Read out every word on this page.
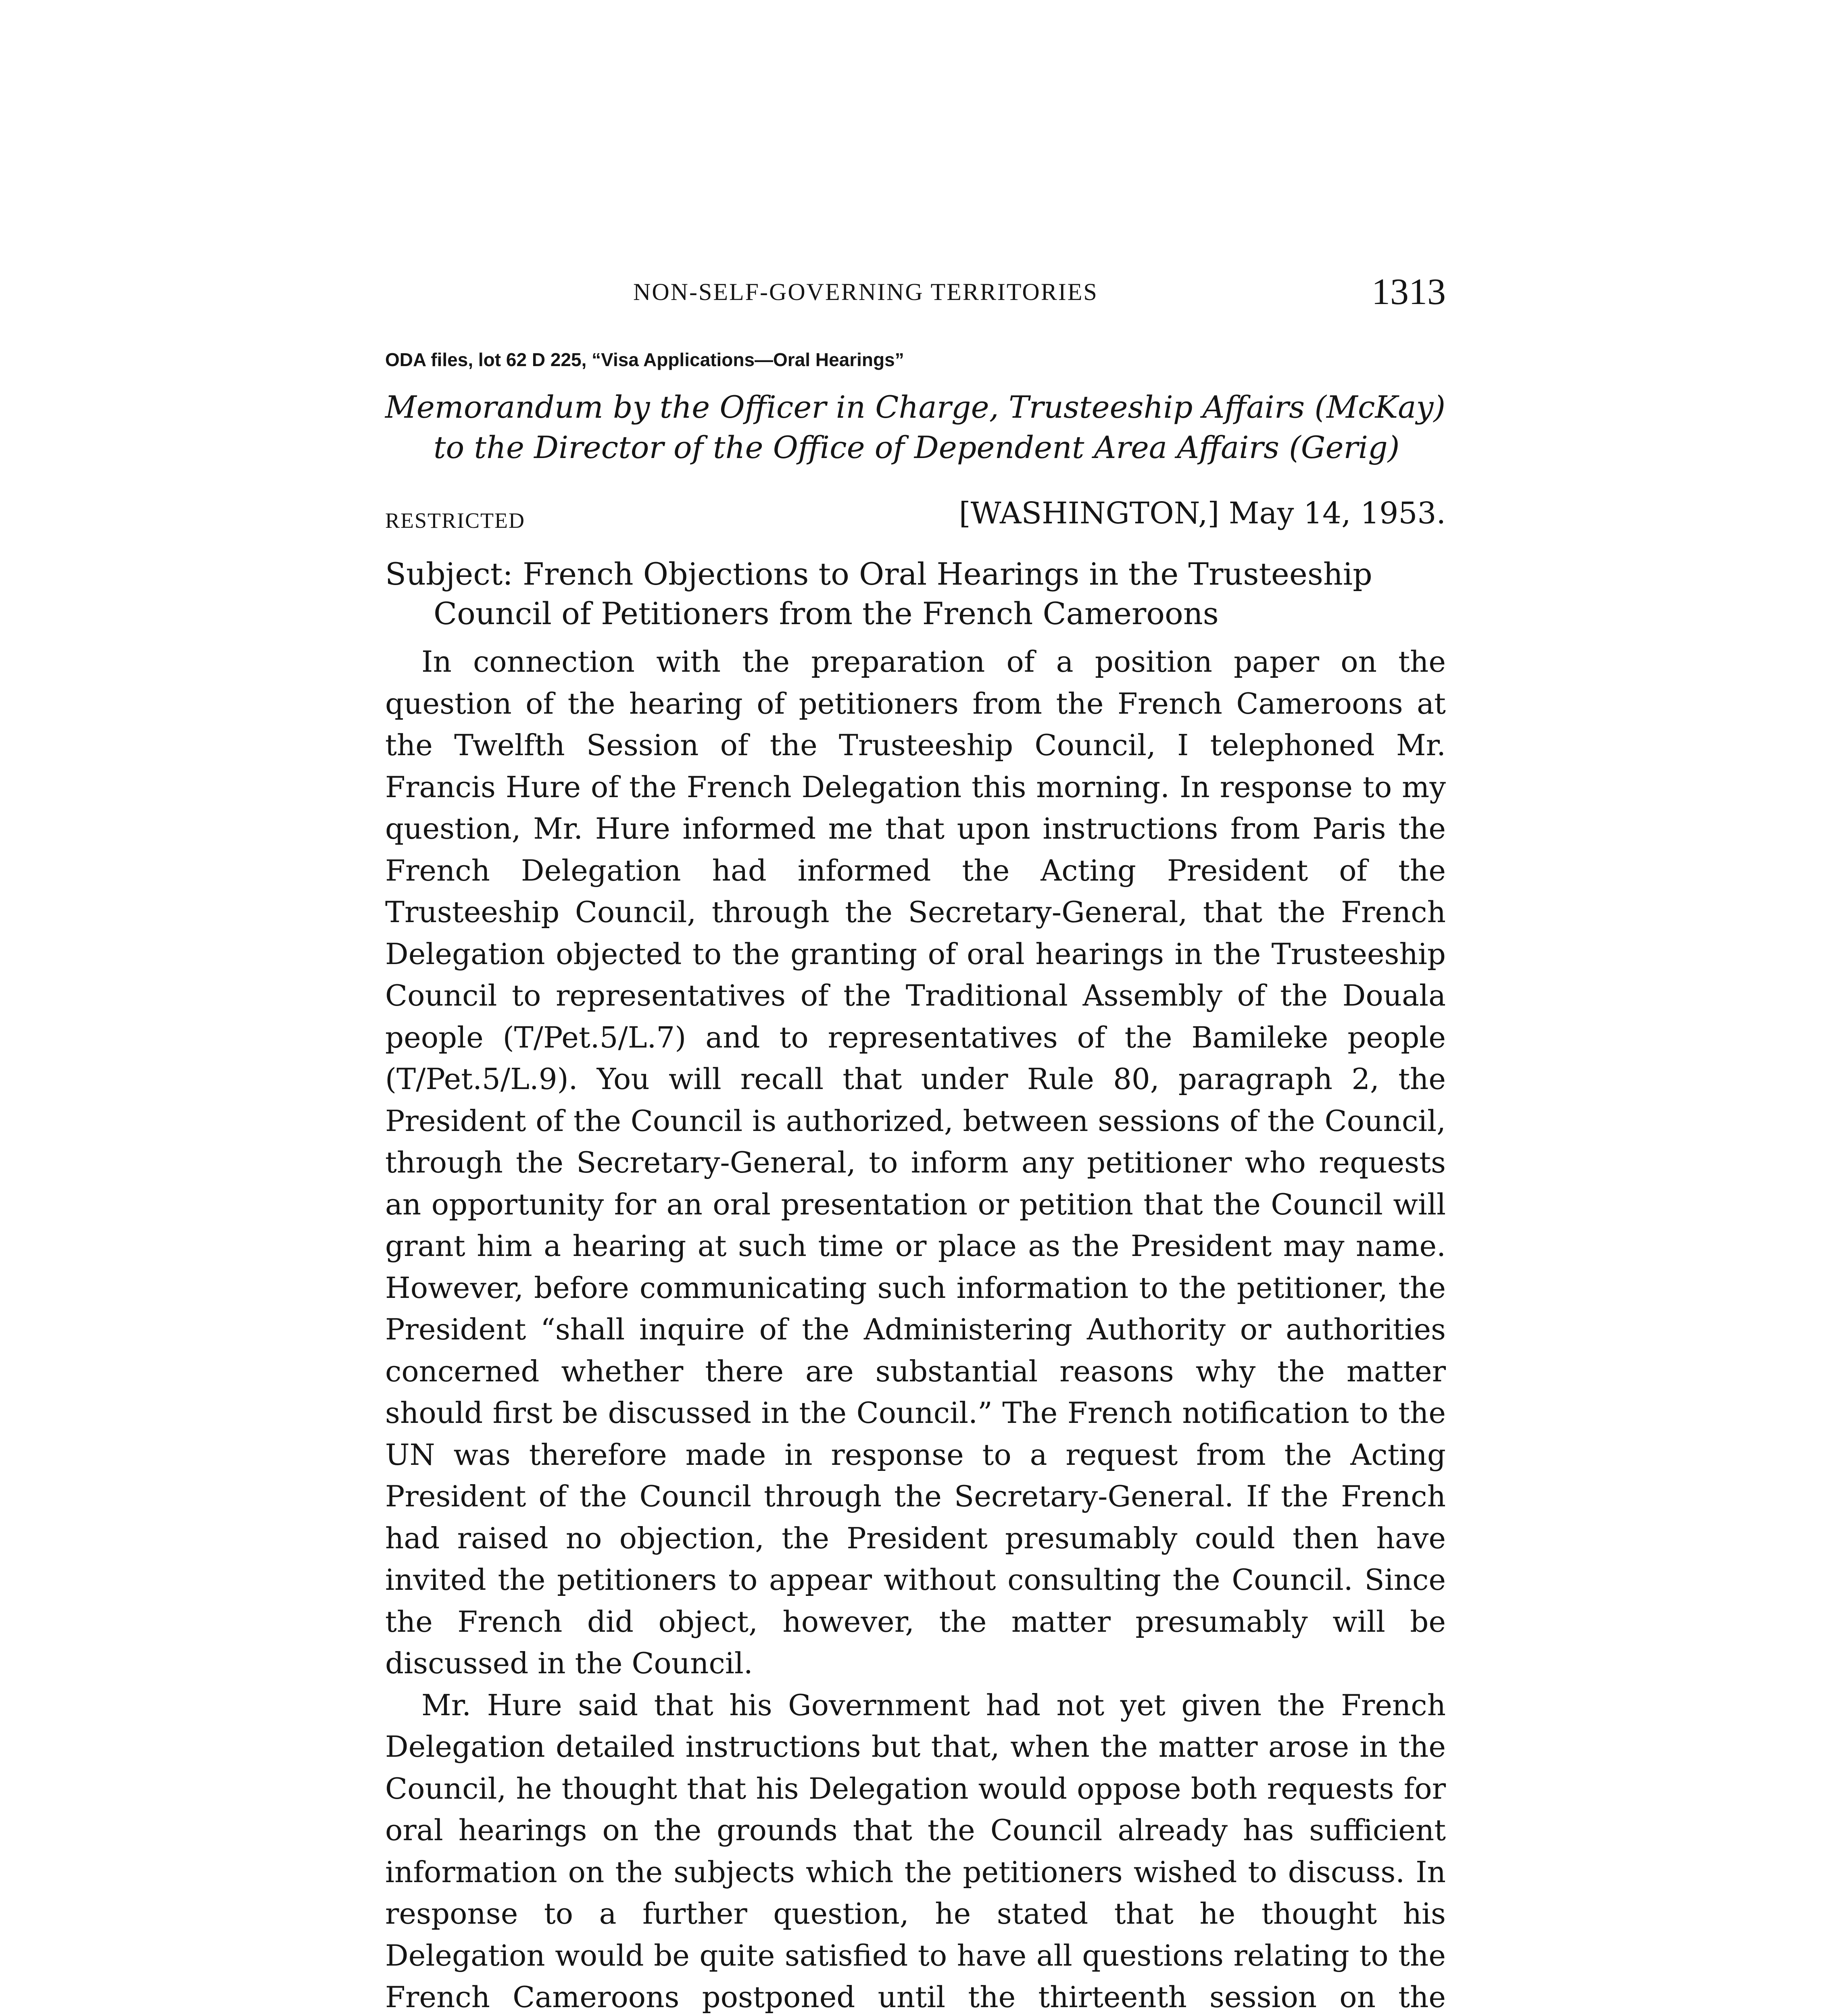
NON-SELF-GOVERNING TERRITORIES	1313
ODA files, lot 62 D 225, “Visa Applications—Oral Hearings”
Memorandum by the Officer in Charge, Trusteeship Affairs (McKay)
to the Director of the Office of Dependent Area Affairs (Gerig)
RESTRICTED	[WASHINGTON,] May 14, 1953.
Subject: French Objections to Oral Hearings in the Trusteeship
Council of Petitioners from the French Cameroons

In connection with the preparation of a position paper on the question of the hearing of petitioners from the French Cameroons at the Twelfth Session of the Trusteeship Council, I telephoned Mr. Francis Hure of the French Delegation this morning. In response to my question, Mr. Hure informed me that upon instructions from Paris the French Delegation had informed the Acting President of the Trusteeship Council, through the Secretary-General, that the French Delegation objected to the granting of oral hearings in the Trusteeship Council to representatives of the Traditional Assembly of the Douala people (T/Pet.5/L.7) and to representatives of the Bamileke people (T/Pet.5/L.9). You will recall that under Rule 80, paragraph 2, the President of the Council is authorized, between sessions of the Council, through the Secretary-General, to inform any petitioner who requests an opportunity for an oral presentation or petition that the Council will grant him a hearing at such time or place as the President may name. However, before communicating such information to the petitioner, the President “shall inquire of the Administering Authority or authorities concerned whether there are substantial reasons why the matter should first be discussed in the Council.” The French notification to the UN was therefore made in response to a request from the Acting President of the Council through the Secretary-General. If the French had raised no objection, the President presumably could then have invited the petitioners to appear without consulting the Council. Since the French did object, however, the matter presumably will be discussed in the Council.

Mr. Hure said that his Government had not yet given the French Delegation detailed instructions but that, when the matter arose in the Council, he thought that his Delegation would oppose both requests for oral hearings on the grounds that the Council already has sufficient information on the subjects which the petitioners wished to discuss. In response to a further question, he stated that he thought his Delegation would be quite satisfied to have all questions relating to the French Cameroons postponed until the thirteenth session on the
